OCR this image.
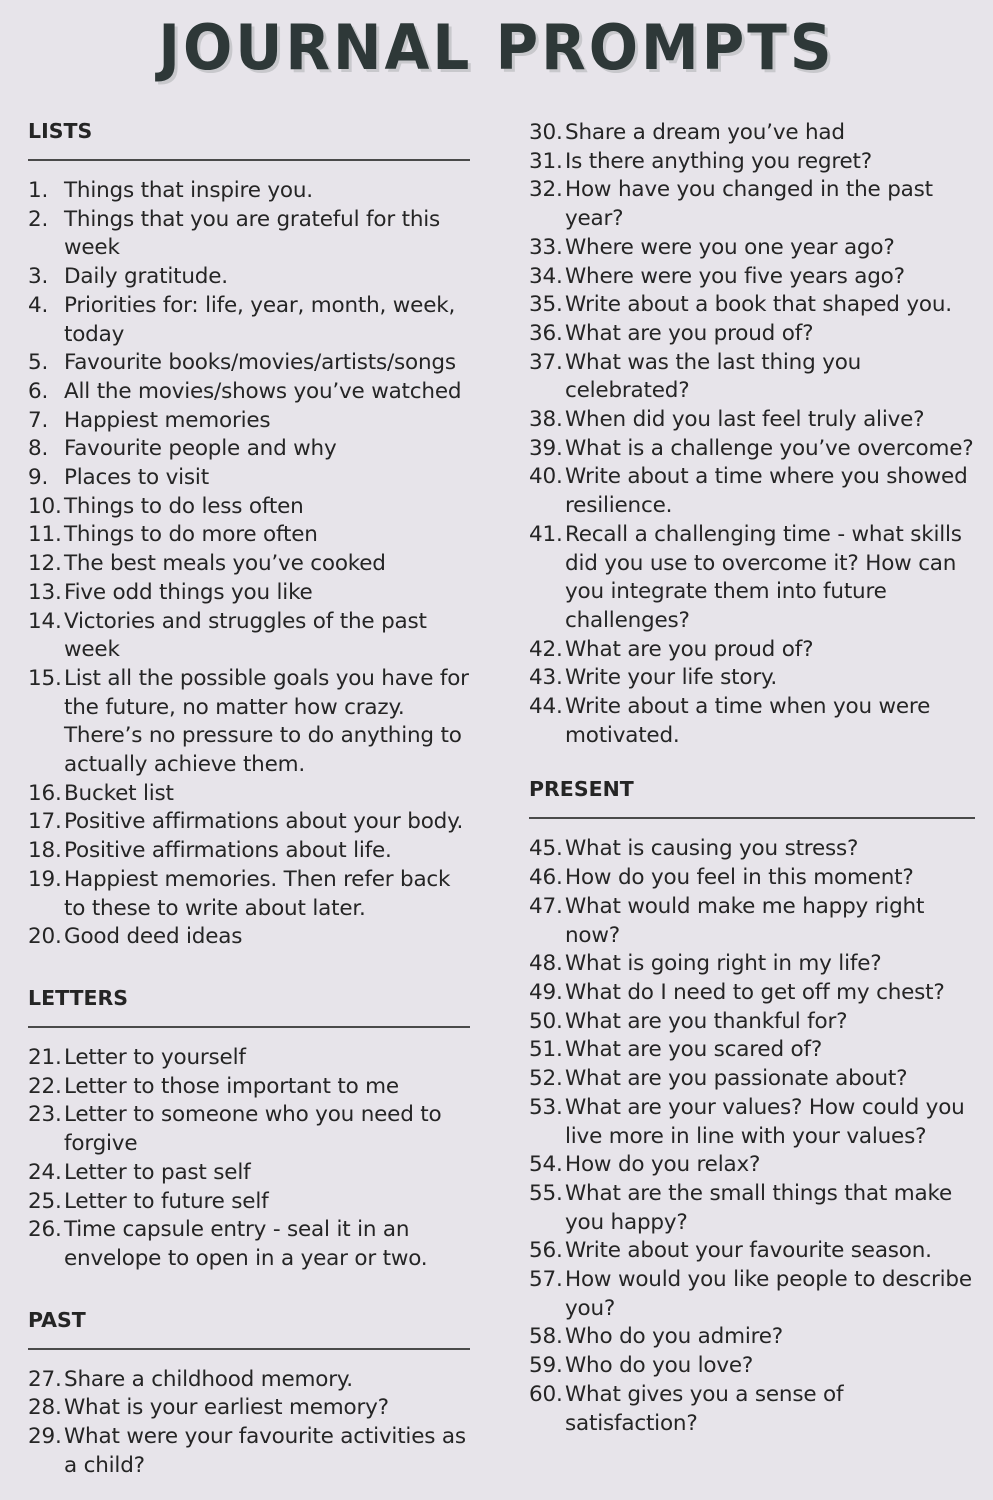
JOURNAL PROMPTS
LISTS
1. Things that inspire you.
2. Things that you are grateful for this week
3. Daily gratitude.
4. Priorities for: life, year, month, week, today
5. Favourite books/movies/artists/songs
6. All the movies/shows you’ve watched
7. Happiest memories
8. Favourite people and why
9. Places to visit
10. Things to do less often
11. Things to do more often
12. The best meals you’ve cooked
13. Five odd things you like
14. Victories and struggles of the past week
15. List all the possible goals you have for the future, no matter how crazy. There’s no pressure to do anything to actually achieve them.
16. Bucket list
17. Positive affirmations about your body.
18. Positive affirmations about life.
19. Happiest memories. Then refer back to these to write about later.
20. Good deed ideas
LETTERS
21. Letter to yourself
22. Letter to those important to me
23. Letter to someone who you need to forgive
24. Letter to past self
25. Letter to future self
26. Time capsule entry - seal it in an envelope to open in a year or two.
PAST
27. Share a childhood memory.
28. What is your earliest memory?
29. What were your favourite activities as a child?
30. Share a dream you’ve had
31. Is there anything you regret?
32. How have you changed in the past year?
33. Where were you one year ago?
34. Where were you five years ago?
35. Write about a book that shaped you.
36. What are you proud of?
37. What was the last thing you celebrated?
38. When did you last feel truly alive?
39. What is a challenge you’ve overcome?
40. Write about a time where you showed resilience.
41. Recall a challenging time - what skills did you use to overcome it? How can you integrate them into future challenges?
42. What are you proud of?
43. Write your life story.
44. Write about a time when you were motivated.
PRESENT
45. What is causing you stress?
46. How do you feel in this moment?
47. What would make me happy right now?
48. What is going right in my life?
49. What do I need to get off my chest?
50. What are you thankful for?
51. What are you scared of?
52. What are you passionate about?
53. What are your values? How could you live more in line with your values?
54. How do you relax?
55. What are the small things that make you happy?
56. Write about your favourite season.
57. How would you like people to describe you?
58. Who do you admire?
59. Who do you love?
60. What gives you a sense of satisfaction?
